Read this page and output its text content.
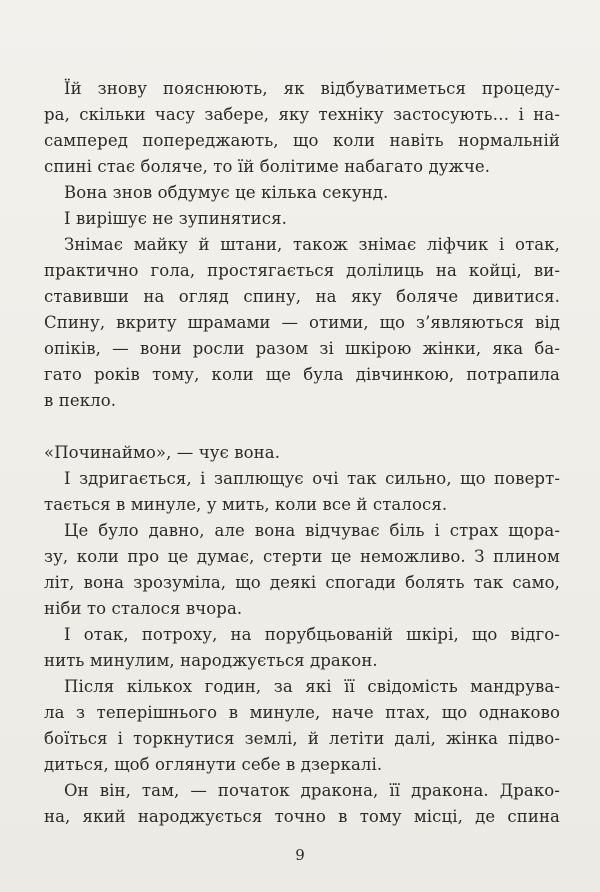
Їй знову пояснюють, як відбуватиметься процеду-
ра, скільки часу забере, яку техніку застосують… і на-
самперед попереджають, що коли навіть нормальній
спині стає боляче, то їй болітиме набагато дужче.
Вона знов обдумує це кілька секунд.
І вирішує не зупинятися.
Знімає майку й штани, також знімає ліфчик і отак,
практично гола, простягається долілиць на койці, ви-
ставивши на огляд спину, на яку боляче дивитися.
Спину, вкриту шрамами — отими, що з’являються від
опіків, — вони росли разом зі шкірою жінки, яка ба-
гато років тому, коли ще була дівчинкою, потрапила
в пекло.
«Починаймо», — чує вона.
І здригається, і заплющує очі так сильно, що поверт-
тається в минуле, у мить, коли все й сталося.
Це було давно, але вона відчуває біль і страх щора-
зу, коли про це думає, стерти це неможливо. З плином
літ, вона зрозуміла, що деякі спогади болять так само,
ніби то сталося вчора.
І отак, потроху, на порубцьованій шкірі, що відго-
нить минулим, народжується дракон.
Після кількох годин, за які її свідомість мандрува-
ла з теперішнього в минуле, наче птах, що однаково
боїться і торкнутися землі, й летіти далі, жінка підво-
диться, щоб оглянути себе в дзеркалі.
Он він, там, — початок дракона, її дракона. Драко-
на, який народжується точно в тому місці, де спина
9
